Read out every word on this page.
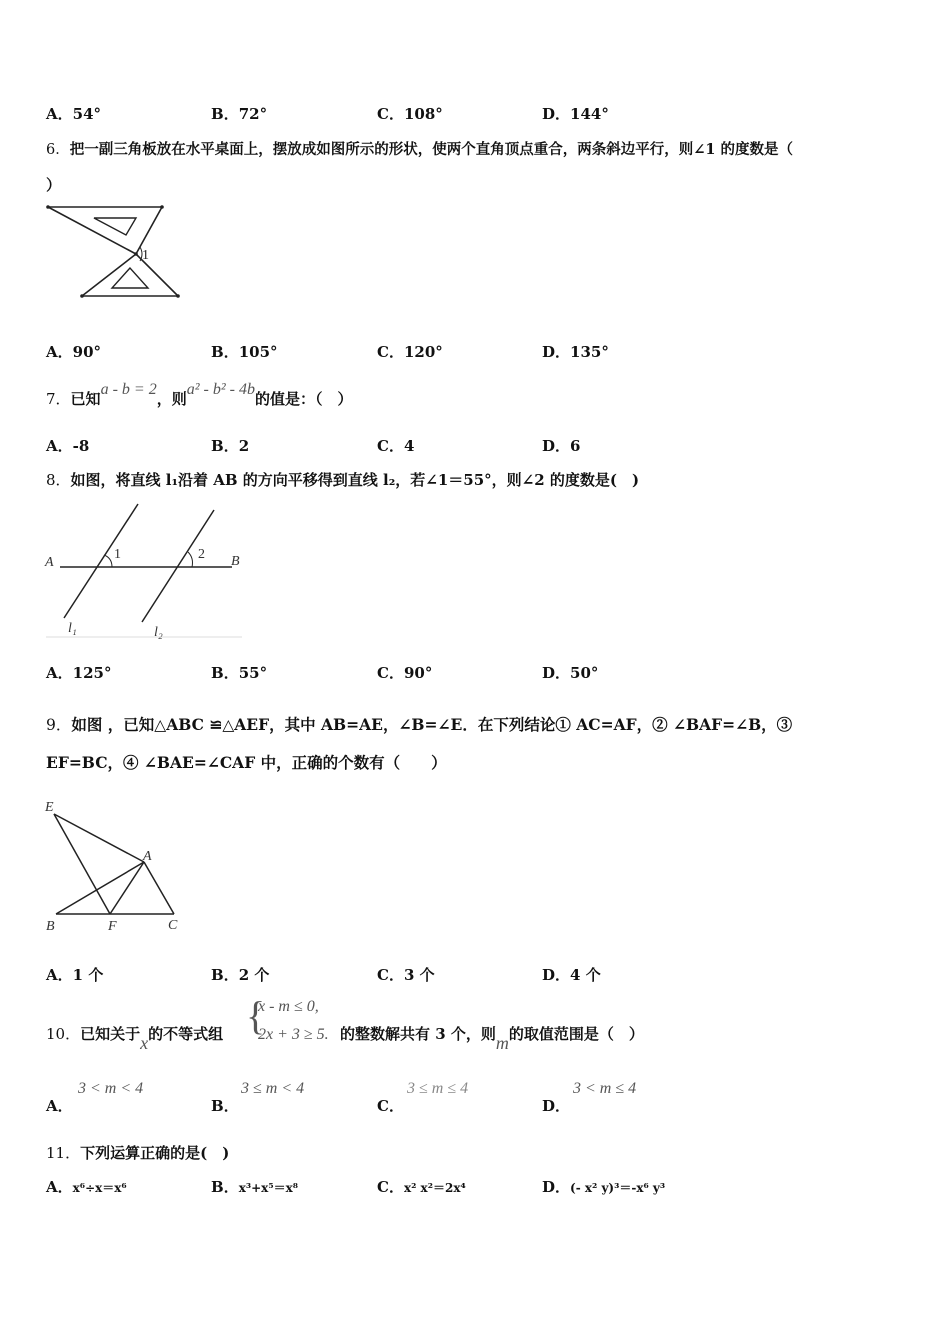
A．54°	B．72°	C．108°	D．144°
6．把一副三角板放在水平桌面上，摆放成如图所示的形状，使两个直角顶点重合，两条斜边平行，则∠1 的度数是（
）
1
A．90°	B．105°	C．120°	D．135°
7．已知a - b = 2，则a² - b² - 4b的值是：（　）
A．-8	B．2	C．4	D．6
8．如图，将直线 l₁沿着 AB 的方向平移得到直线 l₂，若∠1＝55°，则∠2 的度数是(　)
A	B
l₁	l₂
1	2
A．125°	B．55°	C．90°	D．50°
9．如图 ，已知△ABC ≌△AEF，其中 AB=AE，∠B=∠E．在下列结论① AC=AF，② ∠BAF=∠B，③
EF=BC，④ ∠BAE=∠CAF 中，正确的个数有（　　）
E
A
B	F	C
A．1 个	B．2 个	C．3 个	D．4 个
10．已知关于x的不等式组 {
x - m ≤ 0,
2x + 3 ≥ 5. 的整数解共有 3 个，则m的取值范围是（　）
A．
3 < m < 4
B．
3 ≤ m < 4
C．
3 ≤ m ≤ 4
D．
3 < m ≤ 4
11．下列运算正确的是(　)
A．x⁶÷x＝x⁶	B．x³+x⁵＝x⁸	C．x² x²＝2x⁴	D．(- x² y)³＝-x⁶ y³
